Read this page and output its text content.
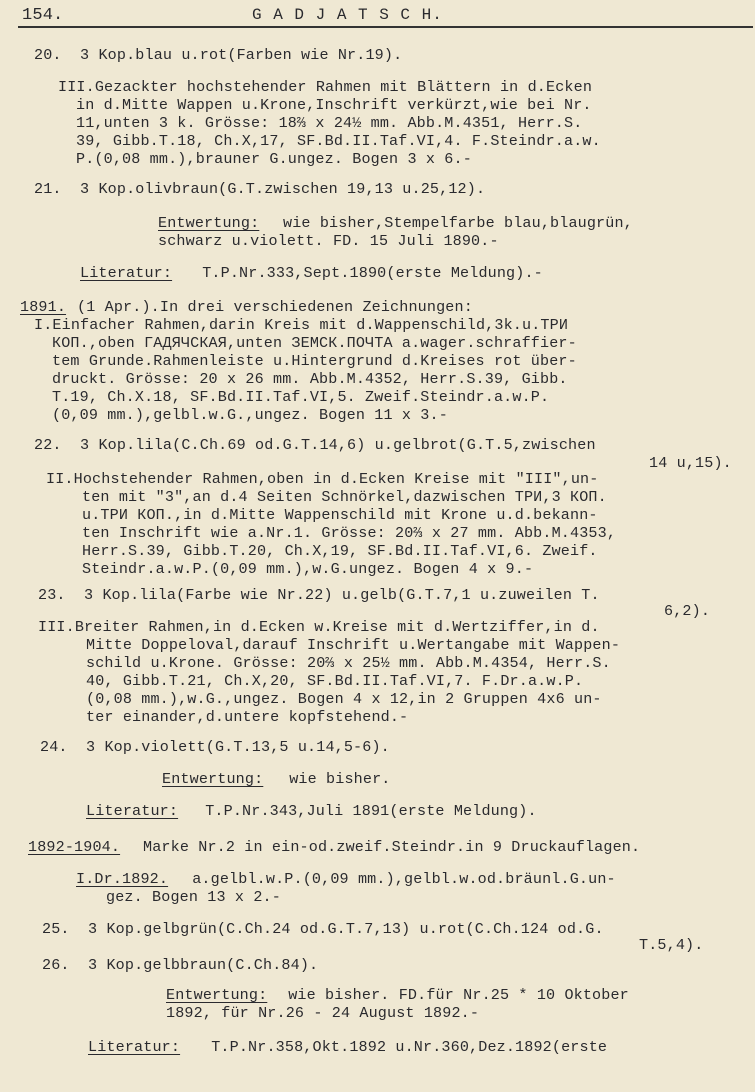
154.	G A D J A T S C H.
20.  3 Kop.blau u.rot(Farben wie Nr.19).
III.Gezackter hochstehender Rahmen mit Blättern in d.Ecken
in d.Mitte Wappen u.Krone,Inschrift verkürzt,wie bei Nr.
11,unten 3 k. Grösse: 18⅔ x 24½ mm. Abb.M.4351, Herr.S.
39, Gibb.T.18, Ch.X,17, SF.Bd.II.Taf.VI,4. F.Steindr.a.w.
P.(0,08 mm.),brauner G.ungez. Bogen 3 x 6.-
21.  3 Kop.olivbraun(G.T.zwischen 19,13 u.25,12).
Entwertung: wie bisher,Stempelfarbe blau,blaugrün,
schwarz u.violett. FD. 15 Juli 1890.-
Literatur: T.P.Nr.333,Sept.1890(erste Meldung).-
1891. (1 Apr.).In drei verschiedenen Zeichnungen:
I.Einfacher Rahmen,darin Kreis mit d.Wappenschild,3k.u.ТРИ
КОП.,oben ГАДЯЧСКАЯ,unten ЗЕМСК.ПОЧТА a.wager.schraffier-
tem Grunde.Rahmenleiste u.Hintergrund d.Kreises rot über-
druckt. Grösse: 20 x 26 mm. Abb.M.4352, Herr.S.39, Gibb.
T.19, Ch.X.18, SF.Bd.II.Taf.VI,5. Zweif.Steindr.a.w.P.
(0,09 mm.),gelbl.w.G.,ungez. Bogen 11 x 3.-
22.  3 Kop.lila(C.Ch.69 od.G.T.14,6) u.gelbrot(G.T.5,zwischen
14 u,15).
II.Hochstehender Rahmen,oben in d.Ecken Kreise mit "III",un-
ten mit "3",an d.4 Seiten Schnörkel,dazwischen ТРИ,3 КОП.
u.ТРИ КОП.,in d.Mitte Wappenschild mit Krone u.d.bekann-
ten Inschrift wie a.Nr.1. Grösse: 20⅔ x 27 mm. Abb.M.4353,
Herr.S.39, Gibb.T.20, Ch.X,19, SF.Bd.II.Taf.VI,6. Zweif.
Steindr.a.w.P.(0,09 mm.),w.G.ungez. Bogen 4 x 9.-
23.  3 Kop.lila(Farbe wie Nr.22) u.gelb(G.T.7,1 u.zuweilen T.
6,2).
III.Breiter Rahmen,in d.Ecken w.Kreise mit d.Wertziffer,in d.
Mitte Doppeloval,darauf Inschrift u.Wertangabe mit Wappen-
schild u.Krone. Grösse: 20⅔ x 25½ mm. Abb.M.4354, Herr.S.
40, Gibb.T.21, Ch.X,20, SF.Bd.II.Taf.VI,7. F.Dr.a.w.P.
(0,08 mm.),w.G.,ungez. Bogen 4 x 12,in 2 Gruppen 4x6 un-
ter einander,d.untere kopfstehend.-
24.  3 Kop.violett(G.T.13,5 u.14,5-6).
Entwertung: wie bisher.
Literatur: T.P.Nr.343,Juli 1891(erste Meldung).
1892-1904. Marke Nr.2 in ein-od.zweif.Steindr.in 9 Druckauflagen.
I.Dr.1892. a.gelbl.w.P.(0,09 mm.),gelbl.w.od.bräunl.G.un-
gez. Bogen 13 x 2.-
25.  3 Kop.gelbgrün(C.Ch.24 od.G.T.7,13) u.rot(C.Ch.124 od.G.
T.5,4).
26.  3 Kop.gelbbraun(C.Ch.84).
Entwertung: wie bisher. FD.für Nr.25 * 10 Oktober
1892, für Nr.26 - 24 August 1892.-
Literatur: T.P.Nr.358,Okt.1892 u.Nr.360,Dez.1892(erste
